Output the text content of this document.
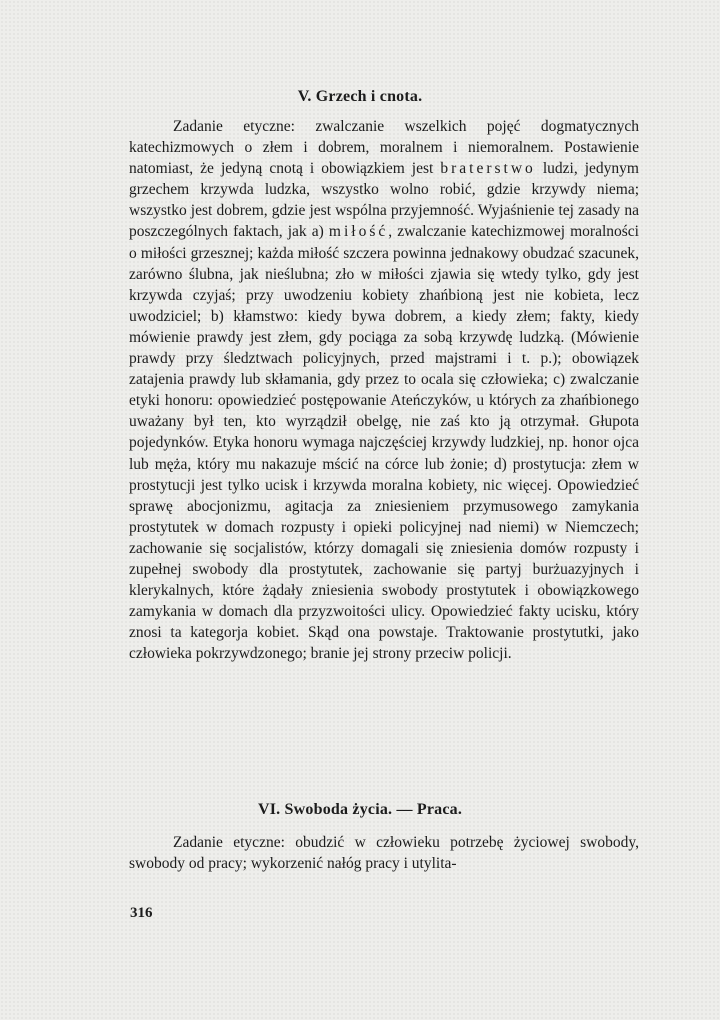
V. Grzech i cnota.

Zadanie etyczne: zwalczanie wszelkich pojęć dogmatycznych katechizmowych o złem i dobrem, moralnem i niemoralnem. Postawienie natomiast, że jedyną cnotą i obowiązkiem jest braterstwo ludzi, jedynym grzechem krzywda ludzka, wszystko wolno robić, gdzie krzywdy niema; wszystko jest dobrem, gdzie jest wspólna przyjemność. Wyjaśnienie tej zasady na poszczególnych faktach, jak a) miłość, zwalczanie katechizmowej moralności o miłości grzesznej; każda miłość szczera powinna jednakowy obudzać szacunek, zarówno ślubna, jak nieślubna; zło w miłości zjawia się wtedy tylko, gdy jest krzywda czyjaś; przy uwodzeniu kobiety zhańbioną jest nie kobieta, lecz uwodziciel; b) kłamstwo: kiedy bywa dobrem, a kiedy złem; fakty, kiedy mówienie prawdy jest złem, gdy pociąga za sobą krzywdę ludzką. (Mówienie prawdy przy śledztwach policyjnych, przed majstrami i t. p.); obowiązek zatajenia prawdy lub skłamania, gdy przez to ocala się człowieka; c) zwalczanie etyki honoru: opowiedzieć postępowanie Ateńczyków, u których za zhańbionego uważany był ten, kto wyrządził obelgę, nie zaś kto ją otrzymał. Głupota pojedynków. Etyka honoru wymaga najczęściej krzywdy ludzkiej, np. honor ojca lub męża, który mu nakazuje mścić na córce lub żonie; d) prostytucja: złem w prostytucji jest tylko ucisk i krzywda moralna kobiety, nic więcej. Opowiedzieć sprawę abocjonizmu, agitacja za zniesieniem przymusowego zamykania prostytutek w domach rozpusty i opieki policyjnej nad niemi) w Niemczech; zachowanie się socjalistów, którzy domagali się zniesienia domów rozpusty i zupełnej swobody dla prostytutek, zachowanie się partyj burżuazyjnych i klerykalnych, które żądały zniesienia swobody prostytutek i obowiązkowego zamykania w domach dla przyzwoitości ulicy. Opowiedzieć fakty ucisku, który znosi ta kategorja kobiet. Skąd ona powstaje. Traktowanie prostytutki, jako człowieka pokrzywdzonego; branie jej strony przeciw policji.

VI. Swoboda życia. — Praca.

Zadanie etyczne: obudzić w człowieku potrzebę życiowej swobody, swobody od pracy; wykorzenić nałóg pracy i utylita-

316
